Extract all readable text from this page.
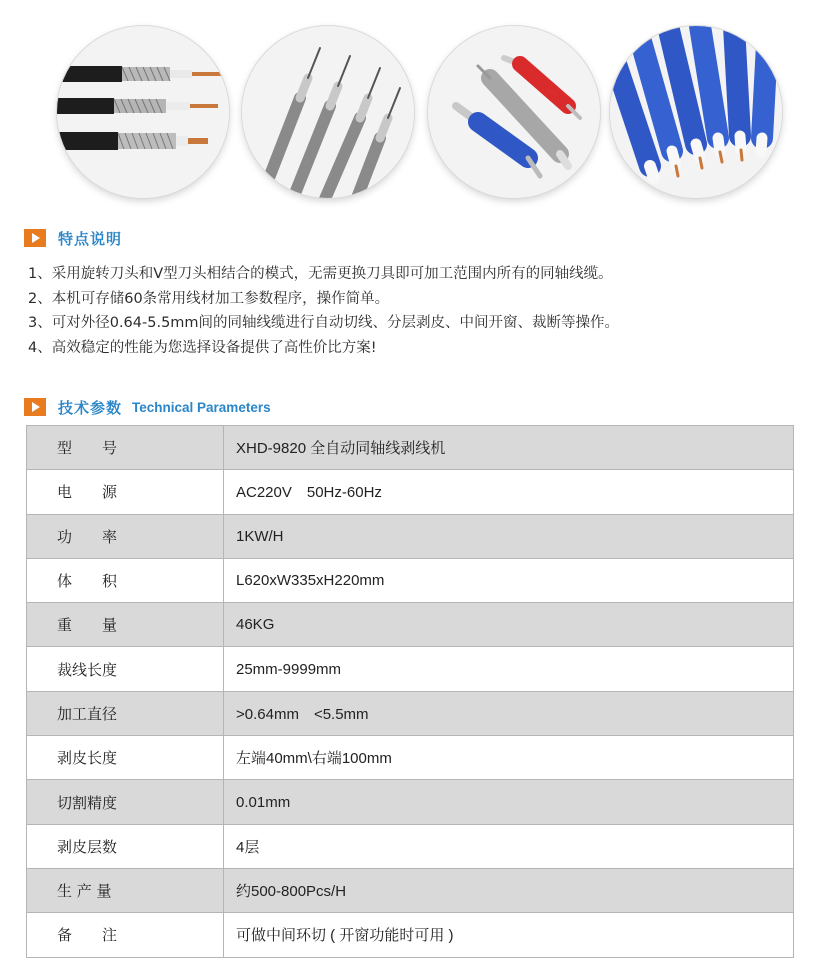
特点说明
1、采用旋转刀头和V型刀头相结合的模式，无需更换刀具即可加工范围内所有的同轴线缆。
2、本机可存储60条常用线材加工参数程序，操作简单。
3、可对外径0.64-5.5mm间的同轴线缆进行自动切线、分层剥皮、中间开窗、裁断等操作。
4、高效稳定的性能为您选择设备提供了高性价比方案!
技术参数 Technical Parameters
型　　号	XHD-9820 全自动同轴线剥线机
电　　源	AC220V　50Hz-60Hz
功　　率	1KW/H
体　　积	L620xW335xH220mm
重　　量	46KG
裁线长度	25mm-9999mm
加工直径	>0.64mm　<5.5mm
剥皮长度	左端40mm\右端100mm
切割精度	0.01mm
剥皮层数	4层
生 产 量	约500-800Pcs/H
备　　注	可做中间环切 ( 开窗功能时可用 )
